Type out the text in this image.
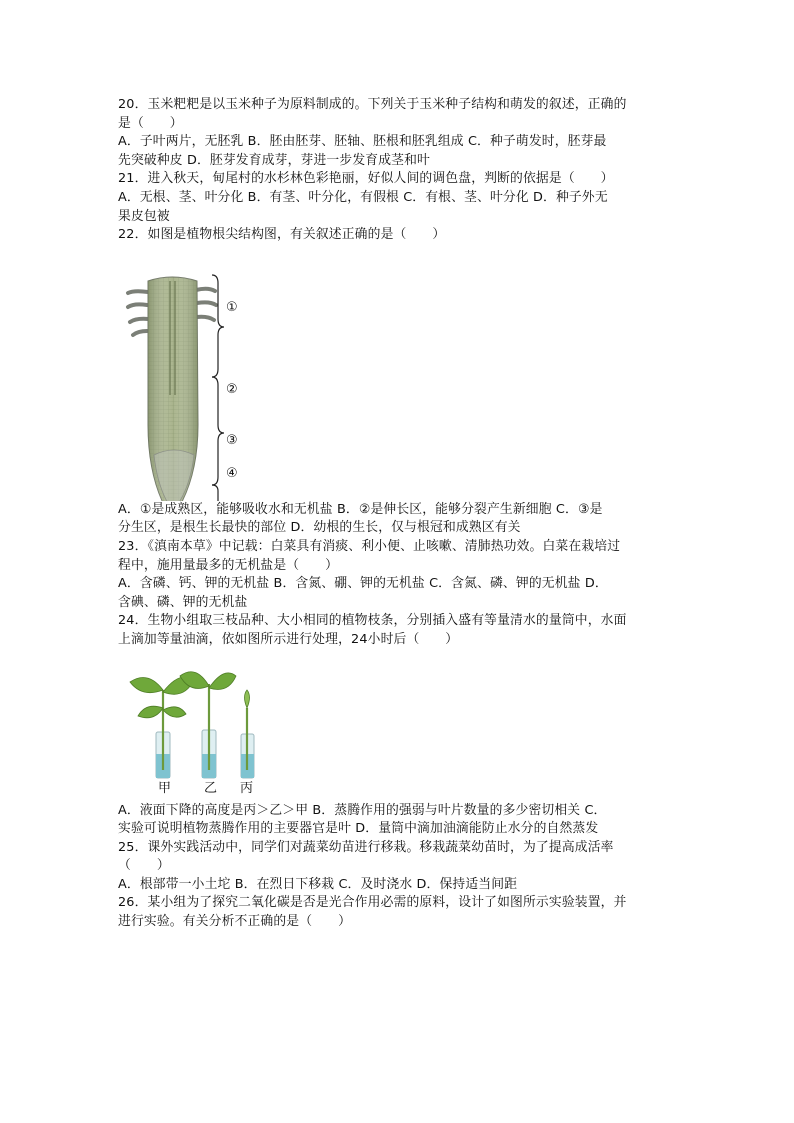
20．玉米粑粑是以玉米种子为原料制成的。下列关于玉米种子结构和萌发的叙述，正确的
是（　　）
A．子叶两片，无胚乳 B．胚由胚芽、胚轴、胚根和胚乳组成 C．种子萌发时，胚芽最
先突破种皮 D．胚芽发育成芽，芽进一步发育成茎和叶
21．进入秋天，甸尾村的水杉林色彩艳丽，好似人间的调色盘，判断的依据是（　　）
A．无根、茎、叶分化 B．有茎、叶分化，有假根 C．有根、茎、叶分化 D．种子外无
果皮包被
22．如图是植物根尖结构图，有关叙述正确的是（　　）
①
②
③
④
A．①是成熟区，能够吸收水和无机盐 B．②是伸长区，能够分裂产生新细胞 C．③是
分生区，是根生长最快的部位 D．幼根的生长，仅与根冠和成熟区有关
23．《滇南本草》中记载：白菜具有消痰、利小便、止咳嗽、清肺热功效。白菜在栽培过
程中，施用量最多的无机盐是（　　）
A．含磷、钙、钾的无机盐 B．含氮、硼、钾的无机盐 C．含氮、磷、钾的无机盐 D．
含碘、磷、钾的无机盐
24．生物小组取三枝品种、大小相同的植物枝条，分别插入盛有等量清水的量筒中，水面
上滴加等量油滴，依如图所示进行处理，24小时后（　　）
甲	乙 丙
A．液面下降的高度是丙＞乙＞甲 B．蒸腾作用的强弱与叶片数量的多少密切相关 C．
实验可说明植物蒸腾作用的主要器官是叶 D．量筒中滴加油滴能防止水分的自然蒸发
25．课外实践活动中，同学们对蔬菜幼苗进行移栽。移栽蔬菜幼苗时，为了提高成活率
（　　）
A．根部带一小土坨 B．在烈日下移栽 C．及时浇水 D．保持适当间距
26．某小组为了探究二氧化碳是否是光合作用必需的原料，设计了如图所示实验装置，并
进行实验。有关分析不正确的是（　　）
